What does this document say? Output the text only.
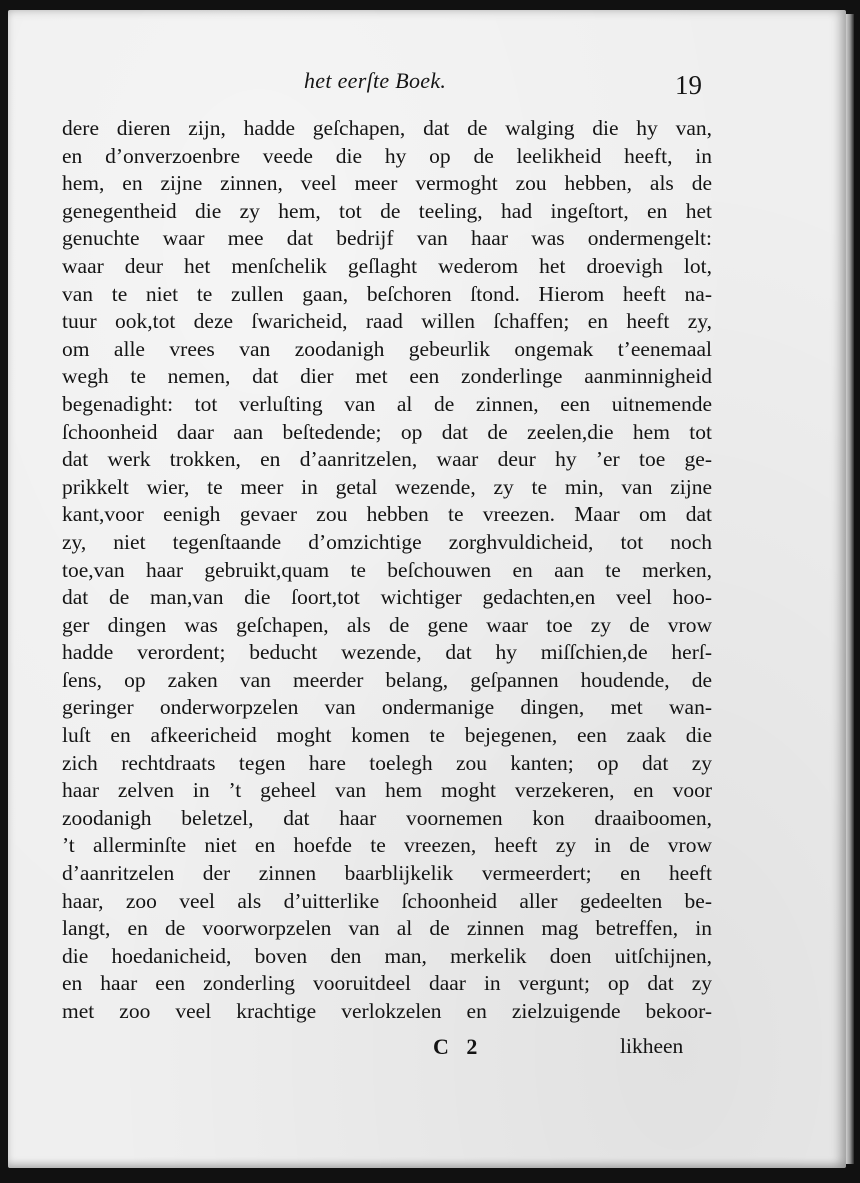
het eerſte Boek.	19
dere dieren zijn, hadde geſchapen, dat de walging die hy van,
en d’onverzoenbre veede die hy op de leelikheid heeft, in
hem, en zijne zinnen, veel meer vermoght zou hebben, als de
genegentheid die zy hem, tot de teeling, had ingeſtort, en het
genuchte waar mee dat bedrijf van haar was ondermengelt:
waar deur het menſchelik geſlaght wederom het droevigh lot,
van te niet te zullen gaan, beſchoren ſtond. Hierom heeft na-
tuur ook,tot deze ſwaricheid, raad willen ſchaffen; en heeft zy,
om alle vrees van zoodanigh gebeurlik ongemak t’eenemaal
wegh te nemen, dat dier met een zonderlinge aanminnigheid
begenadight: tot verluſting van al de zinnen, een uitnemende
ſchoonheid daar aan beſtedende; op dat de zeelen,die hem tot
dat werk trokken, en d’aanritzelen, waar deur hy ’er toe ge-
prikkelt wier, te meer in getal wezende, zy te min, van zijne
kant,voor eenigh gevaer zou hebben te vreezen. Maar om dat
zy, niet tegenſtaande d’omzichtige zorghvuldicheid, tot noch
toe,van haar gebruikt,quam te beſchouwen en aan te merken,
dat de man,van die ſoort,tot wichtiger gedachten,en veel hoo-
ger dingen was geſchapen, als de gene waar toe zy de vrow
hadde verordent; beducht wezende, dat hy miſſchien,de herſ-
ſens, op zaken van meerder belang, geſpannen houdende, de
geringer onderworpzelen van ondermanige dingen, met wan-
luſt en afkeericheid moght komen te bejegenen, een zaak die
zich rechtdraats tegen hare toelegh zou kanten; op dat zy
haar zelven in ’t geheel van hem moght verzekeren, en voor
zoodanigh beletzel, dat haar voornemen kon draaiboomen,
’t allerminſte niet en hoefde te vreezen, heeft zy in de vrow
d’aanritzelen der zinnen baarblijkelik vermeerdert; en heeft
haar, zoo veel als d’uitterlike ſchoonheid aller gedeelten be-
langt, en de voorworpzelen van al de zinnen mag betreffen, in
die hoedanicheid, boven den man, merkelik doen uitſchijnen,
en haar een zonderling vooruitdeel daar in vergunt; op dat zy
met zoo veel krachtige verlokzelen en zielzuigende bekoor-
C 2	likheen
